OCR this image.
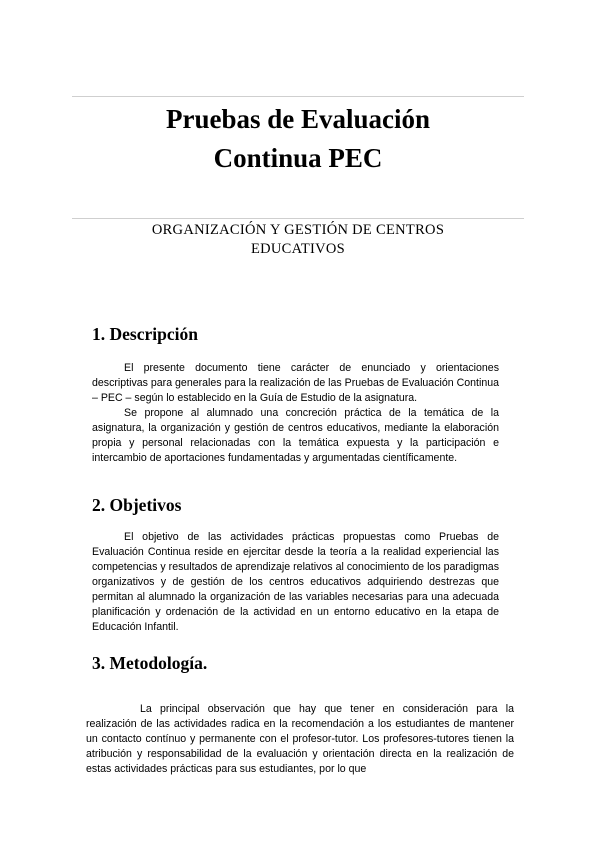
Pruebas de Evaluación
Continua PEC
ORGANIZACIÓN Y GESTIÓN DE CENTROS
EDUCATIVOS
1. Descripción

El presente documento tiene carácter de enunciado y orientaciones descriptivas para generales para la realización de las Pruebas de Evaluación Continua – PEC – según lo establecido en la Guía de Estudio de la asignatura.

Se propone al alumnado una concreción práctica de la temática de la asignatura, la organización y gestión de centros educativos, mediante la elaboración propia y personal relacionadas con la temática expuesta y la participación e intercambio de aportaciones fundamentadas y argumentadas científicamente.

2. Objetivos

El objetivo de las actividades prácticas propuestas como Pruebas de Evaluación Continua reside en ejercitar desde la teoría a la realidad experiencial las competencias y resultados de aprendizaje relativos al conocimiento de los paradigmas organizativos y de gestión de los centros educativos adquiriendo destrezas que permitan al alumnado la organización de las variables necesarias para una adecuada planificación y ordenación de la actividad en un entorno educativo en la etapa de Educación Infantil.

3. Metodología.

La principal observación que hay que tener en consideración para la realización de las actividades radica en la recomendación a los estudiantes de mantener un contacto contínuo y permanente con el profesor-tutor. Los profesores-tutores tienen la atribución y responsabilidad de la evaluación y orientación directa en la realización de estas actividades prácticas para sus estudiantes, por lo que
